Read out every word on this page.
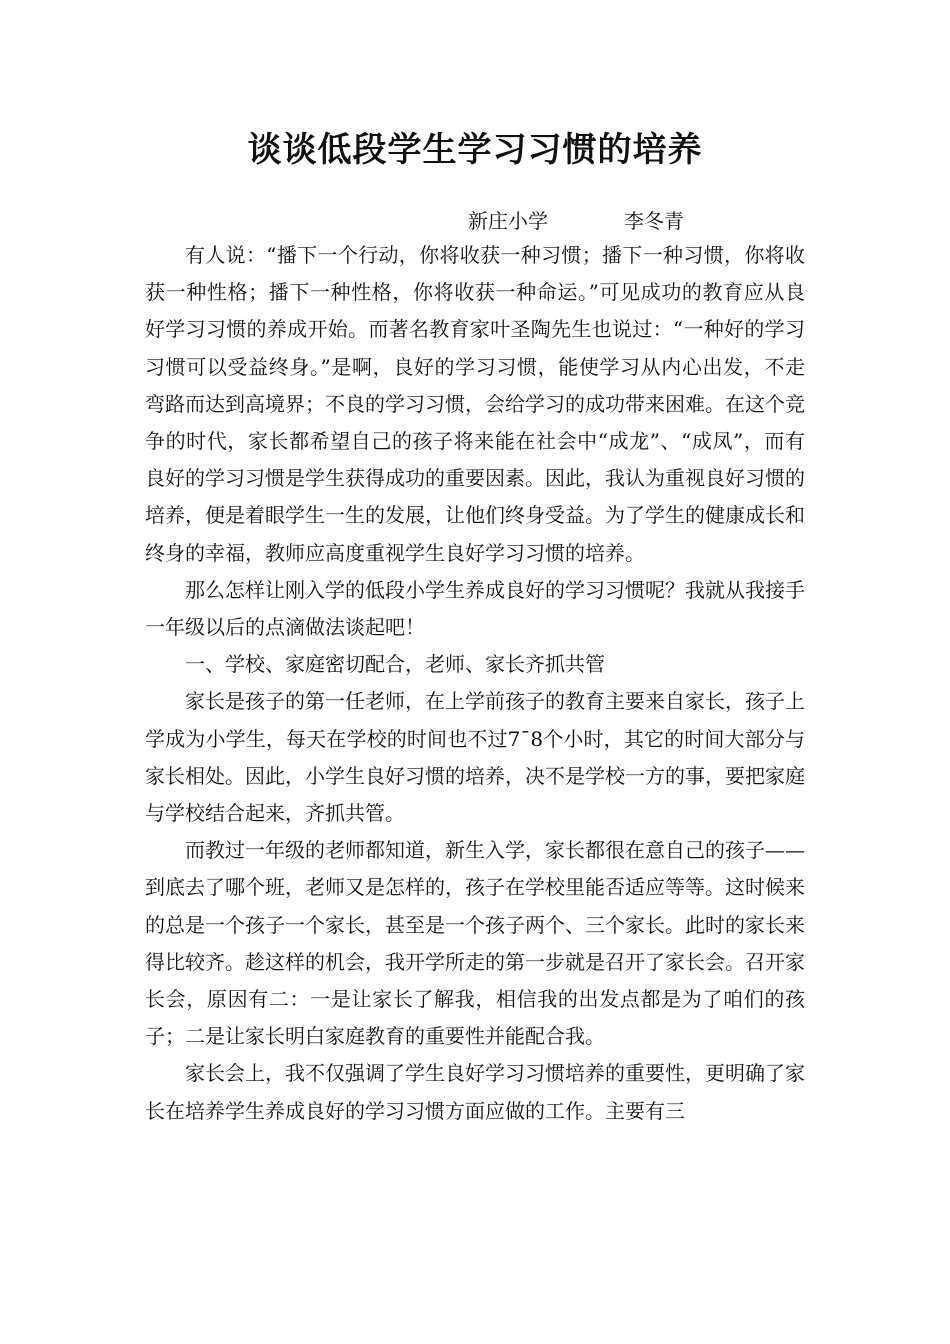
谈谈低段学生学习习惯的培养
新庄小学	李冬青

有人说：“播下一个行动，你将收获一种习惯；播下一种习惯，你将收获一种性格；播下一种性格，你将收获一种命运。”可见成功的教育应从良好学习习惯的养成开始。而著名教育家叶圣陶先生也说过：“一种好的学习习惯可以受益终身。”是啊，良好的学习习惯，能使学习从内心出发，不走弯路而达到高境界；不良的学习习惯，会给学习的成功带来困难。在这个竞争的时代，家长都希望自己的孩子将来能在社会中“成龙”、“成凤”，而有良好的学习习惯是学生获得成功的重要因素。因此，我认为重视良好习惯的培养，便是着眼学生一生的发展，让他们终身受益。为了学生的健康成长和终身的幸福，教师应高度重视学生良好学习习惯的培养。

那么怎样让刚入学的低段小学生养成良好的学习习惯呢？我就从我接手一年级以后的点滴做法谈起吧！

一、学校、家庭密切配合，老师、家长齐抓共管

家长是孩子的第一任老师，在上学前孩子的教育主要来自家长，孩子上学成为小学生，每天在学校的时间也不过7¯8个小时，其它的时间大部分与家长相处。因此，小学生良好习惯的培养，决不是学校一方的事，要把家庭与学校结合起来，齐抓共管。

而教过一年级的老师都知道，新生入学，家长都很在意自己的孩子——到底去了哪个班，老师又是怎样的，孩子在学校里能否适应等等。这时候来的总是一个孩子一个家长，甚至是一个孩子两个、三个家长。此时的家长来得比较齐。趁这样的机会，我开学所走的第一步就是召开了家长会。召开家长会，原因有二：一是让家长了解我，相信我的出发点都是为了咱们的孩子；二是让家长明白家庭教育的重要性并能配合我。

家长会上，我不仅强调了学生良好学习习惯培养的重要性，更明确了家长在培养学生养成良好的学习习惯方面应做的工作。主要有三
